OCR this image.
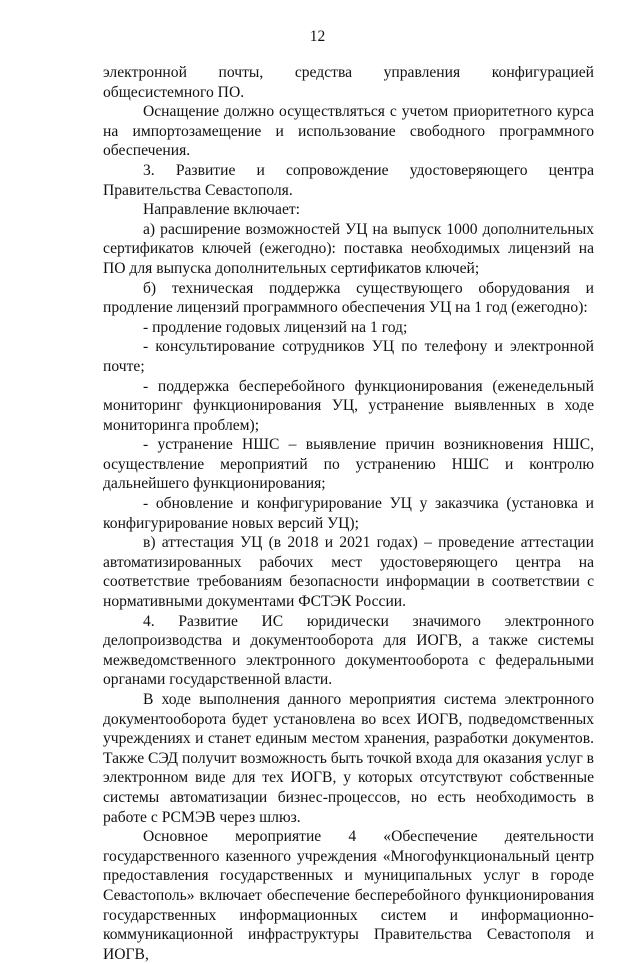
12

электронной почты, средства управления конфигурацией общесистемного ПО.

Оснащение должно осуществляться с учетом приоритетного курса на импортозамещение и использование свободного программного обеспечения.

3. Развитие и сопровождение удостоверяющего центра Правительства Севастополя.

Направление включает:

а) расширение возможностей УЦ на выпуск 1000 дополнительных сертификатов ключей (ежегодно): поставка необходимых лицензий на ПО для выпуска дополнительных сертификатов ключей;

б) техническая поддержка существующего оборудования и продление лицензий программного обеспечения УЦ на 1 год (ежегодно):

- продление годовых лицензий на 1 год;

- консультирование сотрудников УЦ по телефону и электронной почте;

- поддержка бесперебойного функционирования (еженедельный мониторинг функционирования УЦ, устранение выявленных в ходе мониторинга проблем);

- устранение НШС – выявление причин возникновения НШС, осуществление мероприятий по устранению НШС и контролю дальнейшего функционирования;

- обновление и конфигурирование УЦ у заказчика (установка и конфигурирование новых версий УЦ);

в) аттестация УЦ (в 2018 и 2021 годах) – проведение аттестации автоматизированных рабочих мест удостоверяющего центра на соответствие требованиям безопасности информации в соответствии с нормативными документами ФСТЭК России.

4. Развитие ИС юридически значимого электронного делопроизводства и документооборота для ИОГВ, а также системы межведомственного электронного документооборота с федеральными органами государственной власти.

В ходе выполнения данного мероприятия система электронного документооборота будет установлена во всех ИОГВ, подведомственных учреждениях и станет единым местом хранения, разработки документов. Также СЭД получит возможность быть точкой входа для оказания услуг в электронном виде для тех ИОГВ, у которых отсутствуют собственные системы автоматизации бизнес-процессов, но есть необходимость в работе с РСМЭВ через шлюз.

Основное мероприятие 4 «Обеспечение деятельности государственного казенного учреждения «Многофункциональный центр предоставления государственных и муниципальных услуг в городе Севастополь» включает обеспечение бесперебойного функционирования государственных информационных систем и информационно-коммуникационной инфраструктуры Правительства Севастополя и ИОГВ,
